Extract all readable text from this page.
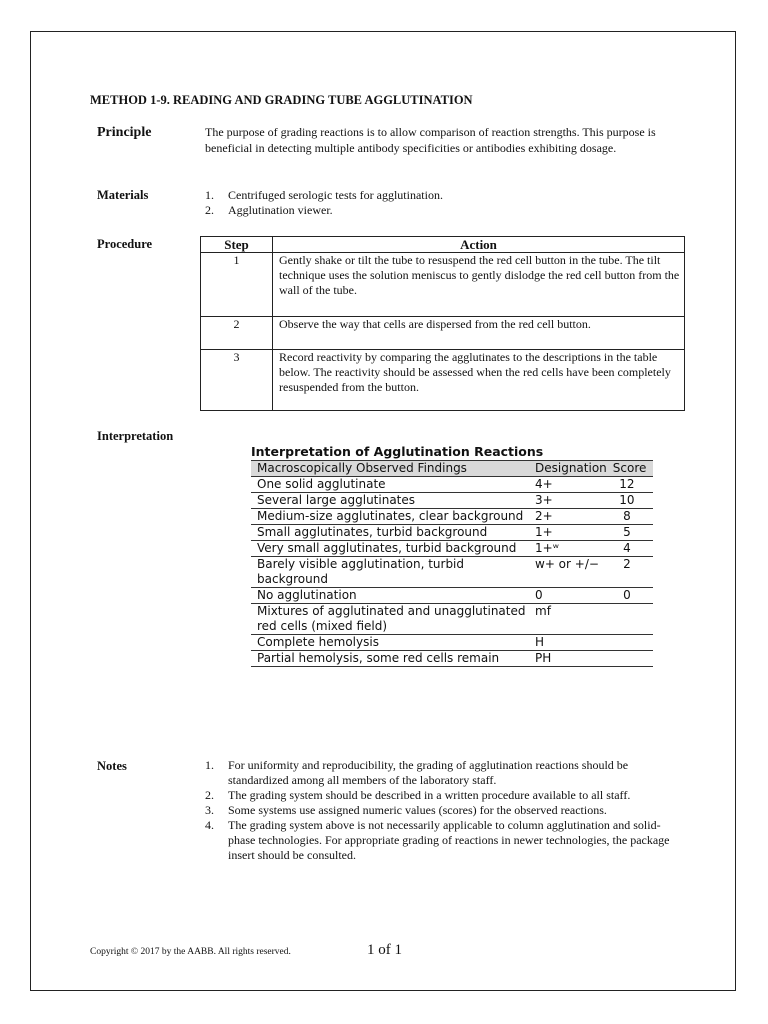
METHOD 1-9. READING AND GRADING TUBE AGGLUTINATION
Principle	The purpose of grading reactions is to allow comparison of reaction strengths. This purpose is beneficial in detecting multiple antibody specificities or antibodies exhibiting dosage.
Materials	1.	Centrifuged serologic tests for agglutination.
2.	Agglutination viewer.
Procedure	Step	Action
1	Gently shake or tilt the tube to resuspend the red cell button in the tube. The tilt technique uses the solution meniscus to gently dislodge the red cell button from the wall of the tube.
2	Observe the way that cells are dispersed from the red cell button.
3	Record reactivity by comparing the agglutinates to the descriptions in the table below. The reactivity should be assessed when the red cells have been completely resuspended from the button.
Interpretation
Interpretation of Agglutination Reactions
Macroscopically Observed Findings	Designation	Score
One solid agglutinate	4+	12
Several large agglutinates	3+	10
Medium-size agglutinates, clear background	2+	8
Small agglutinates, turbid background	1+	5
Very small agglutinates, turbid background	1+ʷ	4
Barely visible agglutination, turbid background	w+ or +/−	2
No agglutination	0	0
Mixtures of agglutinated and unagglutinated red cells (mixed field)	mf	
Complete hemolysis	H	
Partial hemolysis, some red cells remain	PH	
Notes	1.	For uniformity and reproducibility, the grading of agglutination reactions should be standardized among all members of the laboratory staff.
2.	The grading system should be described in a written procedure available to all staff.
3.	Some systems use assigned numeric values (scores) for the observed reactions.
4.	The grading system above is not necessarily applicable to column agglutination and solid-phase technologies. For appropriate grading of reactions in newer technologies, the package insert should be consulted.
Copyright © 2017 by the AABB. All rights reserved.	1 of 1
